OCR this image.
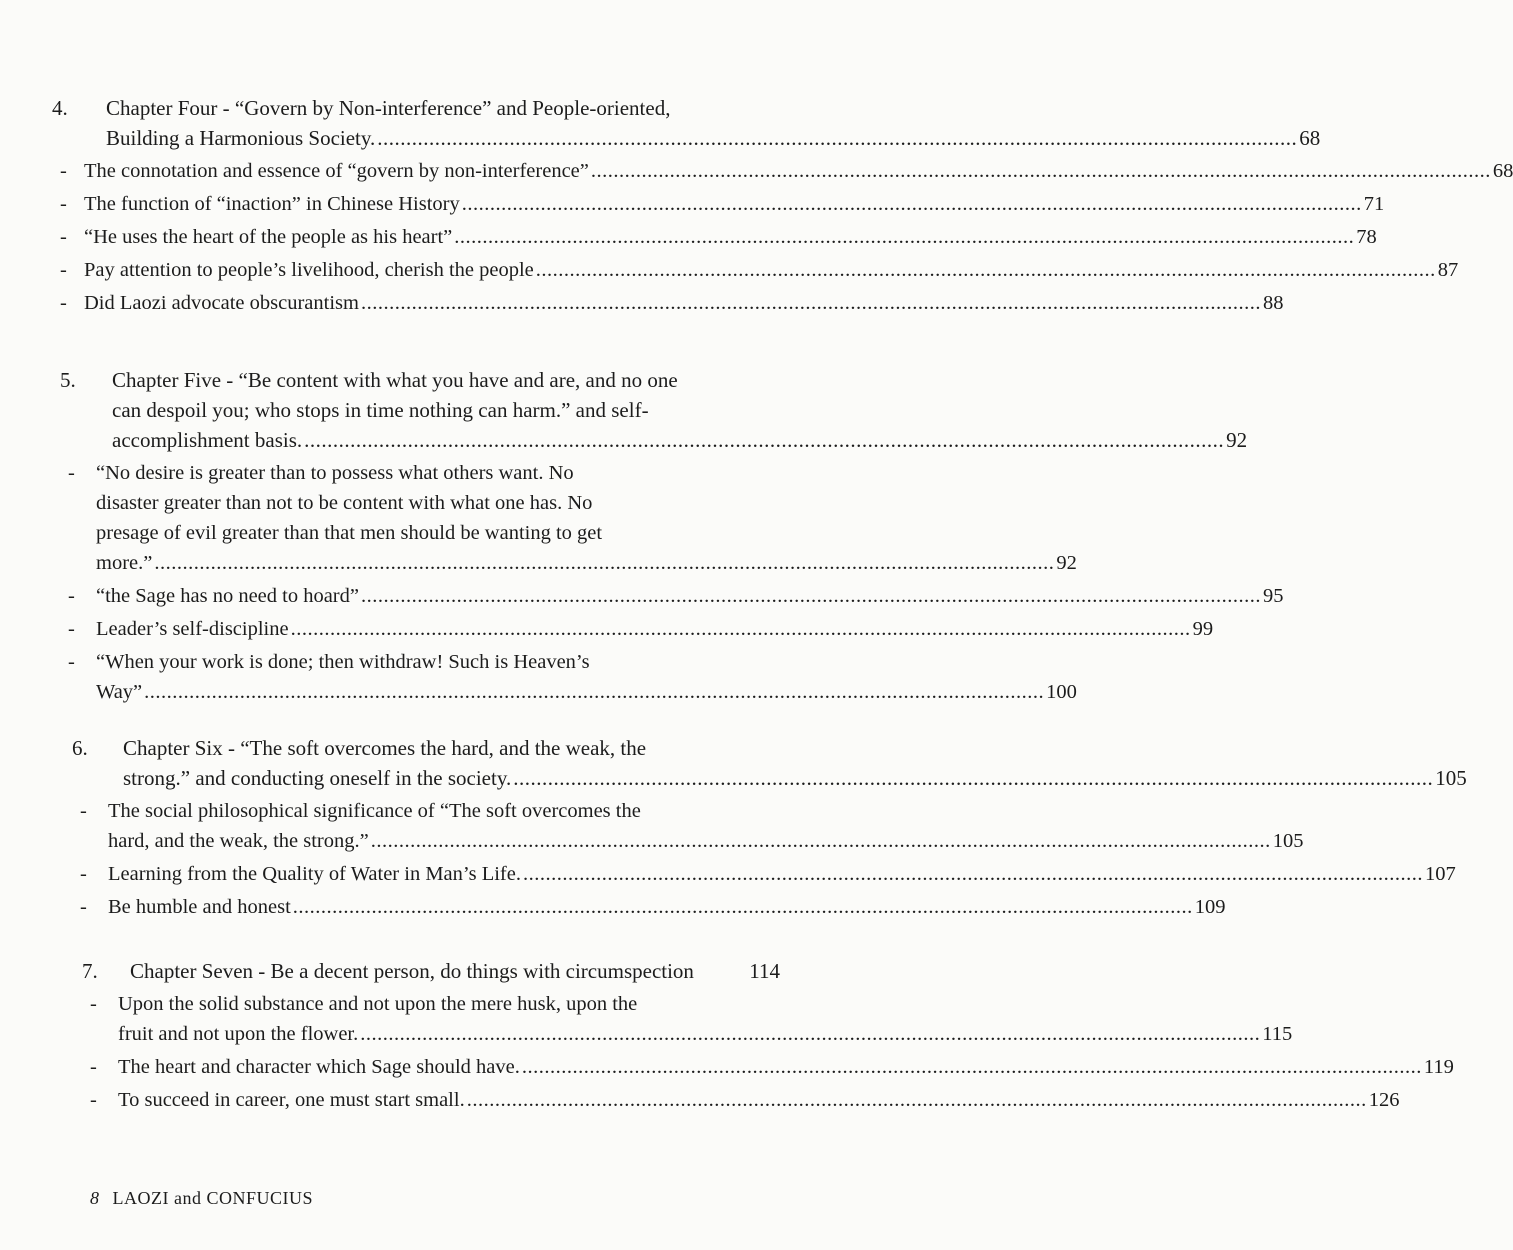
4.	Chapter Four - “Govern by Non-interference” and People-oriented,
Building a Harmonious Society. ................................................................................................................................................................ 68
- The connotation and essence of “govern by non-interference” ................................................................................................................................................................ 68
- The function of “inaction” in Chinese History ................................................................................................................................................................ 71
- “He uses the heart of the people as his heart” ................................................................................................................................................................ 78
- Pay attention to people’s livelihood, cherish the people ................................................................................................................................................................ 87
- Did Laozi advocate obscurantism ................................................................................................................................................................ 88
5.	Chapter Five - “Be content with what you have and are, and no one
can despoil you; who stops in time nothing can harm.” and self-
accomplishment basis. ................................................................................................................................................................ 92
-	“No desire is greater than to possess what others want. No
disaster greater than not to be content with what one has. No
presage of evil greater than that men should be wanting to get
more.” ................................................................................................................................................................ 92
-	“the Sage has no need to hoard” ................................................................................................................................................................ 95
-	Leader’s self-discipline ................................................................................................................................................................ 99
-	“When your work is done; then withdraw! Such is Heaven’s
Way” ................................................................................................................................................................ 100
6.	Chapter Six - “The soft overcomes the hard, and the weak, the
strong.” and conducting oneself in the society. ................................................................................................................................................................ 105
-	The social philosophical significance of “The soft overcomes the
hard, and the weak, the strong.” ................................................................................................................................................................ 105
-	Learning from the Quality of Water in Man’s Life. ................................................................................................................................................................ 107
-	Be humble and honest ................................................................................................................................................................ 109
7.	Chapter Seven - Be a decent person, do things with circumspection	114
-	Upon the solid substance and not upon the mere husk, upon the
fruit and not upon the flower. ................................................................................................................................................................ 115
-	The heart and character which Sage should have. ................................................................................................................................................................ 119
-	To succeed in career, one must start small. ................................................................................................................................................................ 126
8 LAOZI and CONFUCIUS
